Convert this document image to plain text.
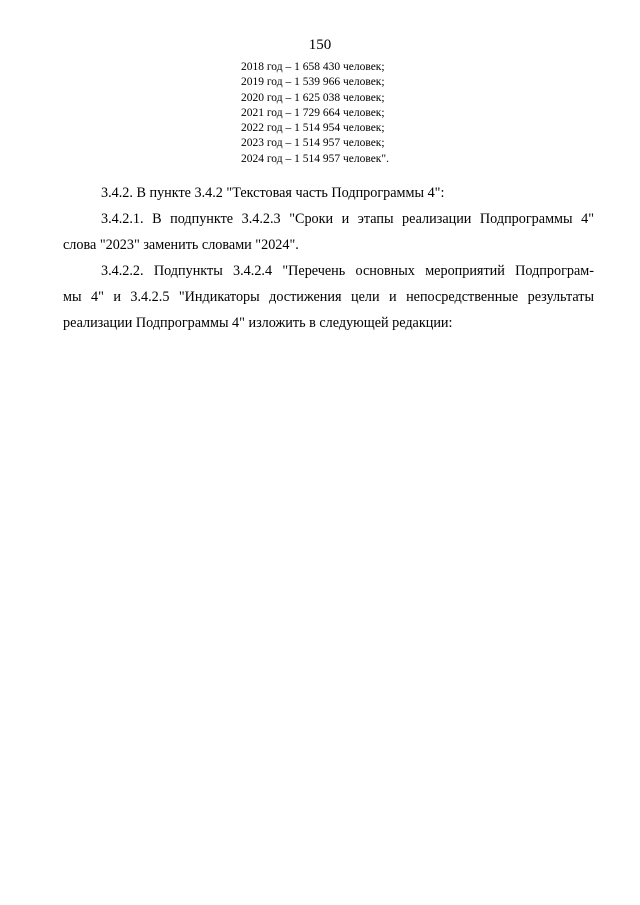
150
2018 год – 1 658 430 человек;
2019 год – 1 539 966 человек;
2020 год – 1 625 038 человек;
2021 год – 1 729 664 человек;
2022 год – 1 514 954 человек;
2023 год – 1 514 957 человек;
2024 год – 1 514 957 человек".
3.4.2. В пункте 3.4.2 "Текстовая часть Подпрограммы 4":
3.4.2.1. В подпункте 3.4.2.3 "Сроки и этапы реализации Подпрограммы 4"
слова "2023" заменить словами "2024".
3.4.2.2. Подпункты 3.4.2.4 "Перечень основных мероприятий Подпрограм-
мы 4" и 3.4.2.5 "Индикаторы достижения цели и непосредственные результаты
реализации Подпрограммы 4" изложить в следующей редакции:
